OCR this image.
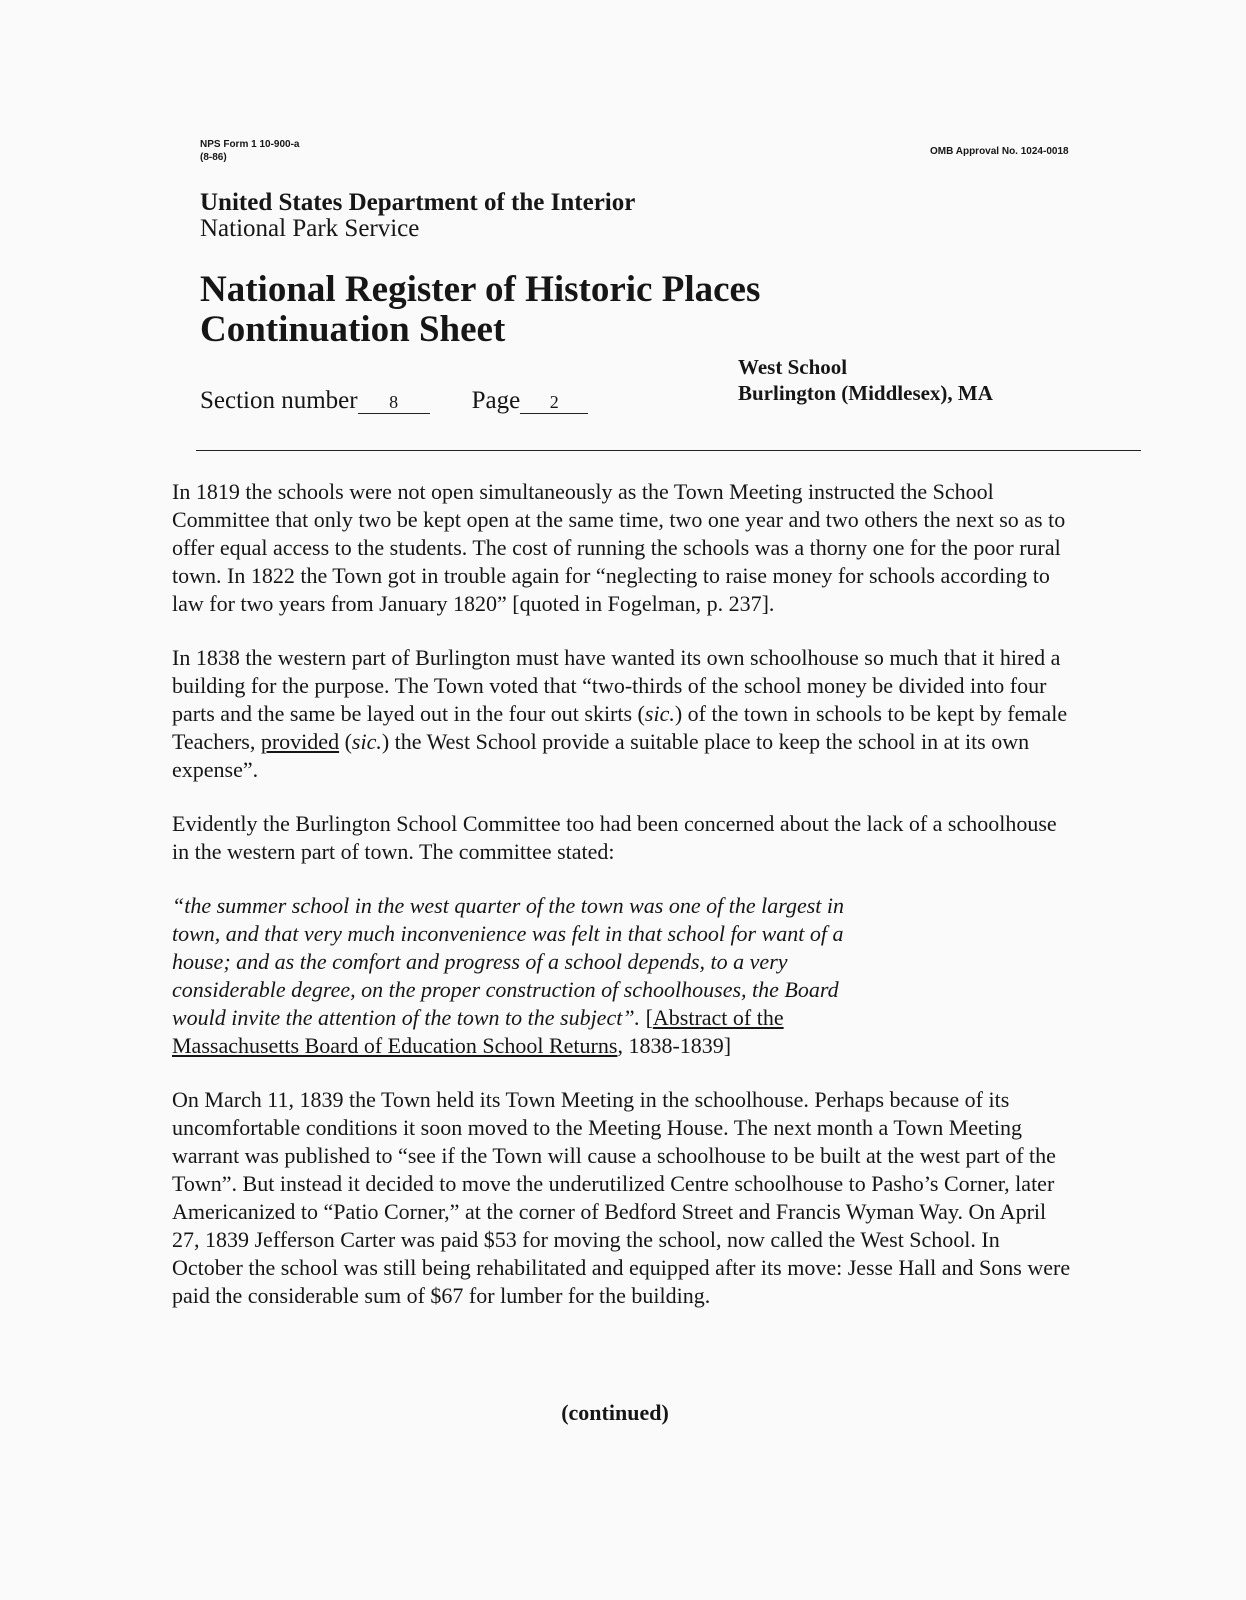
NPS Form 1 10-900-a
(8-86)
OMB Approval No. 1024-0018
United States Department of the Interior
National Park Service
National Register of Historic Places
Continuation Sheet
West School
Burlington (Middlesex), MA
Section number 8	Page 2

In 1819 the schools were not open simultaneously as the Town Meeting instructed the School Committee that only two be kept open at the same time, two one year and two others the next so as to offer equal access to the students. The cost of running the schools was a thorny one for the poor rural town. In 1822 the Town got in trouble again for “neglecting to raise money for schools according to law for two years from January 1820” [quoted in Fogelman, p. 237].

In 1838 the western part of Burlington must have wanted its own schoolhouse so much that it hired a building for the purpose. The Town voted that “two-thirds of the school money be divided into four parts and the same be layed out in the four out skirts (sic.) of the town in schools to be kept by female Teachers, provided (sic.) the West School provide a suitable place to keep the school in at its own expense”.

Evidently the Burlington School Committee too had been concerned about the lack of a schoolhouse in the western part of town. The committee stated:

“the summer school in the west quarter of the town was one of the largest in town, and that very much inconvenience was felt in that school for want of a house; and as the comfort and progress of a school depends, to a very considerable degree, on the proper construction of schoolhouses, the Board would invite the attention of the town to the subject”. [Abstract of the Massachusetts Board of Education School Returns, 1838-1839]

On March 11, 1839 the Town held its Town Meeting in the schoolhouse. Perhaps because of its uncomfortable conditions it soon moved to the Meeting House. The next month a Town Meeting warrant was published to “see if the Town will cause a schoolhouse to be built at the west part of the Town”. But instead it decided to move the underutilized Centre schoolhouse to Pasho’s Corner, later Americanized to “Patio Corner,” at the corner of Bedford Street and Francis Wyman Way. On April 27, 1839 Jefferson Carter was paid $53 for moving the school, now called the West School. In October the school was still being rehabilitated and equipped after its move: Jesse Hall and Sons were paid the considerable sum of $67 for lumber for the building.

(continued)
